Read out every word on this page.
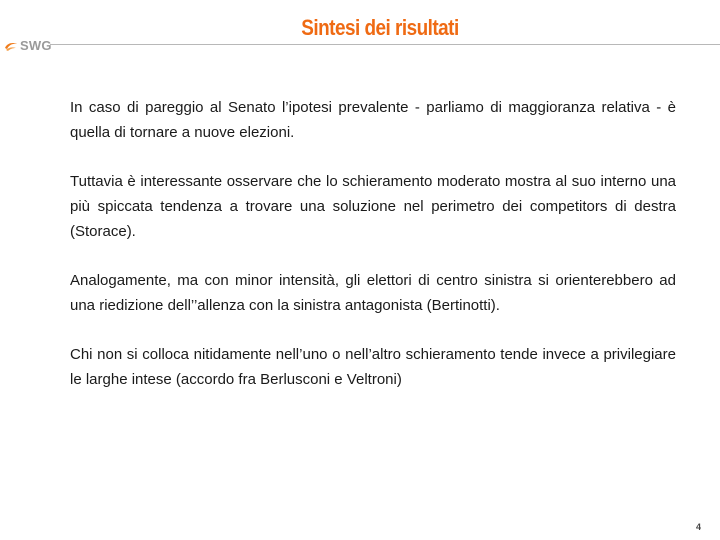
SWG
Sintesi dei risultati

In caso di pareggio al Senato l’ipotesi prevalente - parliamo di maggioranza relativa - è quella di tornare a nuove elezioni.

Tuttavia è interessante osservare che lo schieramento moderato mostra al suo interno una più spiccata tendenza a trovare una soluzione nel perimetro dei competitors di destra (Storace).

Analogamente, ma con minor intensità, gli elettori di centro sinistra si orienterebbero ad una riedizione dell’’allenza con la sinistra antagonista (Bertinotti).

Chi non si colloca nitidamente nell’uno o nell’altro schieramento tende invece a privilegiare le larghe intese (accordo fra Berlusconi e Veltroni)

4
